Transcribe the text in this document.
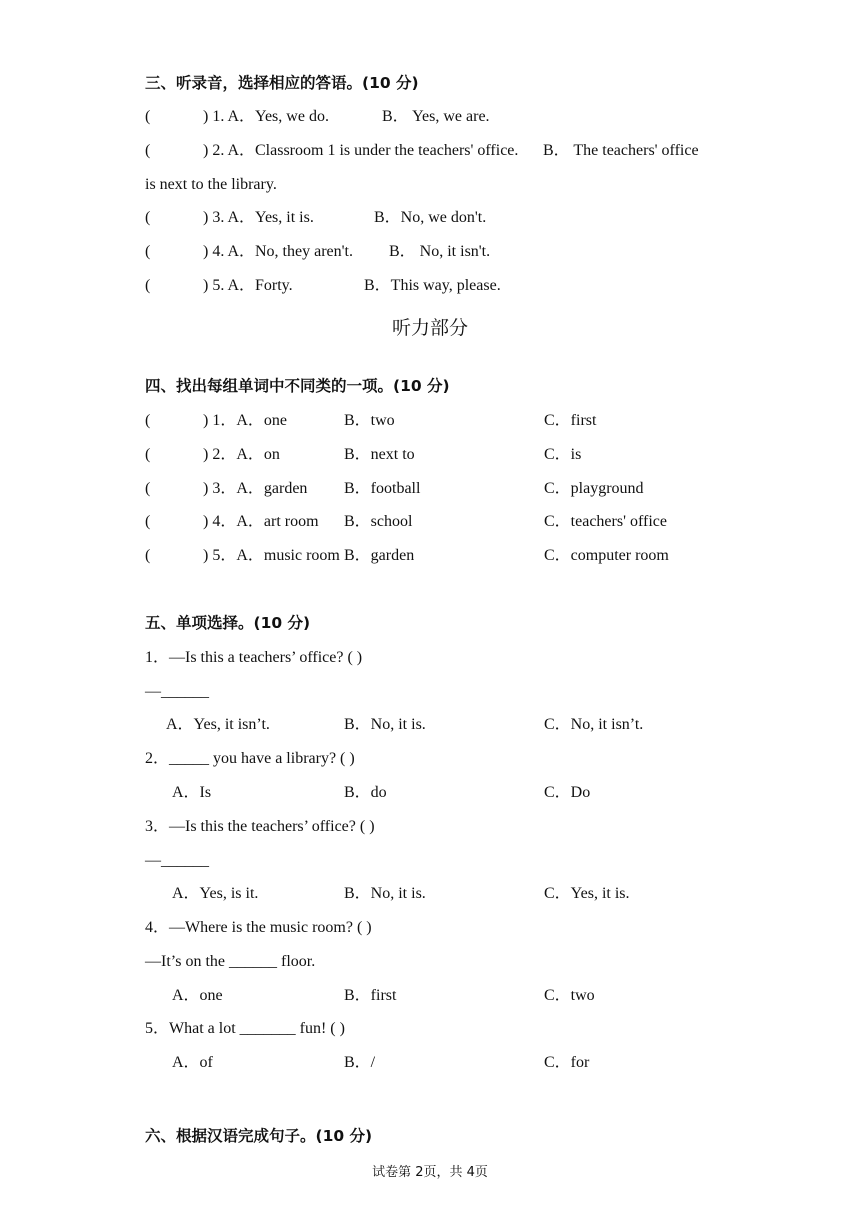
三、听录音，选择相应的答语。(10 分)
(	) 1. A．Yes, we do.	B． Yes, we are.
(	) 2. A．Classroom 1 is under the teachers' office. B． The teachers' office
is next to the library.
(	) 3. A．Yes, it is.	B．No, we don't.
(	) 4. A．No, they aren't. B． No, it isn't.
(	) 5. A．Forty.	B．This way, please.
听力部分
四、找出每组单词中不同类的一项。(10 分)
(	) 1．A．one	B．two	C．first
(	) 2．A．on	B．next to	C．is
(	) 3．A．garden B．football	C．playground
(	) 4．A．art room B．school	C．teachers' office
(	) 5．A．music room B．garden	C．computer room
五、单项选择。(10 分)
1．—Is this a teachers’ office? ( )
—______
A．Yes, it isn’t.	B．No, it is.	C．No, it isn’t.
2．_____ you have a library? ( )
A．Is	B．do	C．Do
3．—Is this the teachers’ office? ( )
—______
A．Yes, is it.	B．No, it is.	C．Yes, it is.
4．—Where is the music room? ( )
—It’s on the ______ floor.
A．one	B．first	C．two
5．What a lot _______ fun! ( )
A．of	B．/	C．for
六、根据汉语完成句子。(10 分)
试卷第 2页，共 4页
